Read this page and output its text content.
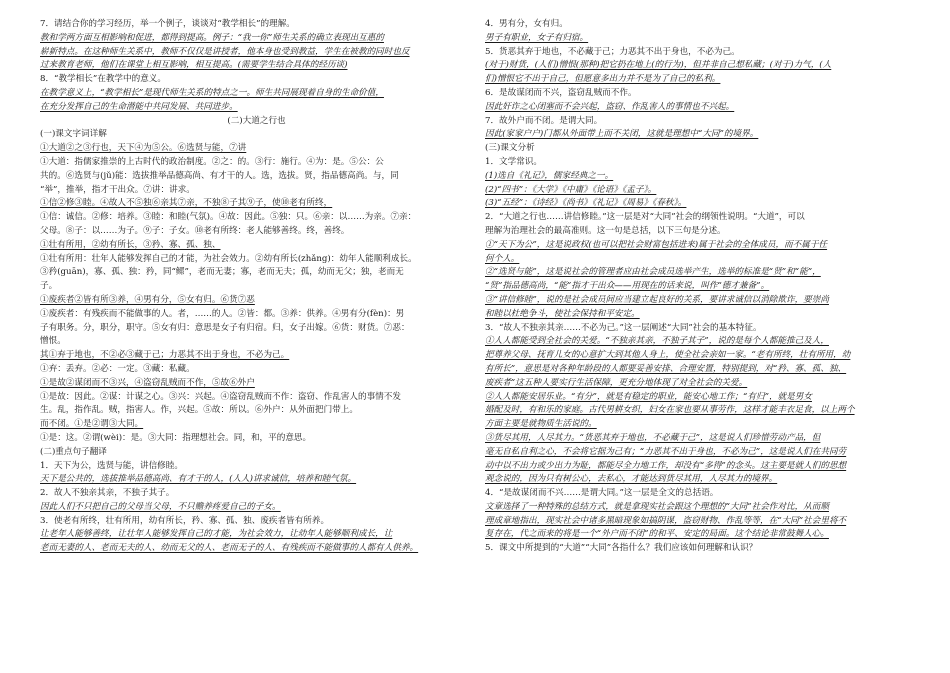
7．请结合你的学习经历，举一个例子，谈谈对“教学相长”的理解。
教和学两方面互相影响和促进，都得到提高。例子：“我一你”师生关系的确立表现出互惠的
崭新特点。在这种师生关系中，教师不仅仅是讲授者，他本身也受到教益，学生在被教的同时也反
过来教育老师，他们在课堂上相互影响，相互提高。(需要学生结合具体的经历谈)
8．“教学相长”在教学中的意义。
在教学意义上，“教学相长”是现代师生关系的特点之一。师生共同展现着自身的生命价值，
在充分发挥自己的生命潜能中共同发展、共同进步。
(二)大道之行也
(一)课文字词详解
①大道②之③行也，天下④为⑤公。⑥选贤与能，⑦讲
①大道：指儒家推崇的上古时代的政治制度。②之：的。③行：施行。④为：是。⑤公：公
共的。⑥选贤与(jǔ)能：选拔推举品德高尚、有才干的人。选，选拔。贤，指品德高尚。与，同
“举”，推举，指才干出众。⑦讲：讲求。
①信②修③睦。④故人不⑤独⑥亲其⑦亲，不独⑧子其⑨子，使⑩老有所终，
①信：诚信。②修：培养。③睦：和睦(气氛)。④故：因此。⑤独：只。⑥亲：以……为亲。⑦亲：
父母。⑧子：以……为子。⑨子：子女。⑩老有所终：老人能够善终。终，善终。
①壮有所用，②幼有所长，③矜、寡、孤、独、
①壮有所用：壮年人能够发挥自己的才能，为社会效力。②幼有所长(zhǎng)：幼年人能顺利成长。
③矜(guān)，寡、孤、独：矜，同“鳏”，老而无妻；寡，老而无夫；孤，幼而无父；独，老而无
子。
①废疾者②皆有所③养，④男有分，⑤女有归。⑥货⑦恶
①废疾者：有残疾而不能做事的人。者，……的人。②皆：都。③养：供养。④男有分(fèn)：男
子有职务。分，职分，职守。⑤女有归：意思是女子有归宿。归，女子出嫁。⑥货：财货。⑦恶：
憎恨。
其①弃于地也，不②必③藏于己；力恶其不出于身也，不必为己。
①弃：丢弃。②必：一定。③藏：私藏。
①是故②谋闭而不③兴，④盗窃乱贼而不作，⑤故⑥外户
①是故：因此。②谋：计谋之心。③兴：兴起。④盗窃乱贼而不作：盗窃、作乱害人的事情不发
生。乱，指作乱。贼，指害人。作，兴起。⑤故：所以。⑥外户：从外面把门带上。
而不闭。①是②谓③大同。
①是：这。②谓(wèi)：是。③大同：指理想社会。同，和，平的意思。
(二)重点句子翻译
1．天下为公，选贤与能，讲信修睦。
天下是公共的，选拔推举品德高尚、有才干的人，(人人)讲求诚信，培养和睦气氛。
2．故人不独亲其亲，不独子其子。
因此人们不只把自己的父母当父母，不只赡养疼爱自己的子女。
3．使老有所终，壮有所用，幼有所长，矜、寡、孤、独、废疾者皆有所养。
让老年人能够善终，让壮年人能够发挥自己的才能，为社会效力，让幼年人能够顺利成长，让
老而无妻的人、老而无夫的人、幼而无父的人、老而无子的人、有残疾而不能做事的人都有人供养。
4．男有分，女有归。
男子有职业，女子有归宿。
5．货恶其弃于地也，不必藏于己；力恶其不出于身也，不必为己。
(对于)财货，(人们)憎恨(那种)把它扔在地上(的行为)，但并非自己想私藏；(对于)力气，(人
们)憎恨它不出于自己，但愿意多出力并不是为了自己的私利。
6．是故谋闭而不兴，盗窃乱贼而不作。
因此奸诈之心闭塞而不会兴起，盗窃、作乱害人的事情也不兴起。
7．故外户而不闭。是谓大同。
因此(家家户户)门都从外面带上而不关闭，这就是理想中“大同”的境界。
(三)课文分析
1．文学常识。
(1)选自《礼记》，儒家经典之一。
(2)“四书”：《大学》《中庸》《论语》《孟子》。
(3)“五经”：《诗经》《尚书》《礼记》《周易》《春秋》。
2．“大道之行也……讲信修睦。”这一层是对“大同”社会的纲领性说明。“大道”，可以
理解为治理社会的最高准则。这一句是总括，以下三句是分述。
①“天下为公”，这是说政权(也可以把社会财富包括进来)属于社会的全体成员，而不属于任
何个人。
②“选贤与能”，这是说社会的管理者应由社会成员选举产生，选举的标准是“贤”和“能”，
“贤”指品德高尚，“能”指才干出众——用现在的话来说，叫作“德才兼备”。
③“讲信修睦”，说的是社会成员间应当建立起良好的关系，要讲求诚信以消除欺诈，要崇尚
和睦以杜绝争斗，使社会保持和平安定。
3．“故人不独亲其亲……不必为己。”这一层阐述“大同”社会的基本特征。
①人人都能受到全社会的关爱。“不独亲其亲，不独子其子”，说的是每个人都能推己及人，
把尊养父母、抚育儿女的心意扩大到其他人身上，使全社会亲如一家。“老有所终，壮有所用，幼
有所长”，意思是对各种年龄段的人都要妥善安排、合理安置，特别提到，对“矜、寡、孤、独、
废疾者”这五种人要实行生活保障，更充分地体现了对全社会的关爱。
②人人都能安居乐业。“有分”，就是有稳定的职业，能安心地工作；“有归”，就是男女
婚配及时，有和乐的家庭。古代男耕女织，妇女在家也要从事劳作，这样才能丰衣足食，以上两个
方面主要是就物质生活说的。
③货尽其用，人尽其力。“货恶其弃于地也，不必藏于己”，这是说人们珍惜劳动产品，但
毫无自私自利之心，不会将它据为己有；“力恶其不出于身也，不必为己”，这是说人们在共同劳
动中以不出力或少出力为耻，都能尽全力地工作，却没有“多得”的念头。这主要是就人们的思想
观念说的，因为只有树公心，去私心，才能达到货尽其用，人尽其力的境界。
4．“是故谋闭而不兴……是谓大同。”这一层是全文的总括语。
文章选择了一种特殊的总结方式，就是拿现实社会跟这个理想的“大同”社会作对比，从而顺
理成章地指出，现实社会中诸多黑暗现象如搞阴谋，盗窃财物、作乱等等，在“大同”社会里将不
复存在，代之而来的将是一个“外户而不闭”的和平、安定的局面。这个结论非常鼓舞人心。
5．课文中所提到的“大道”“大同”各指什么？我们应该如何理解和认识？
